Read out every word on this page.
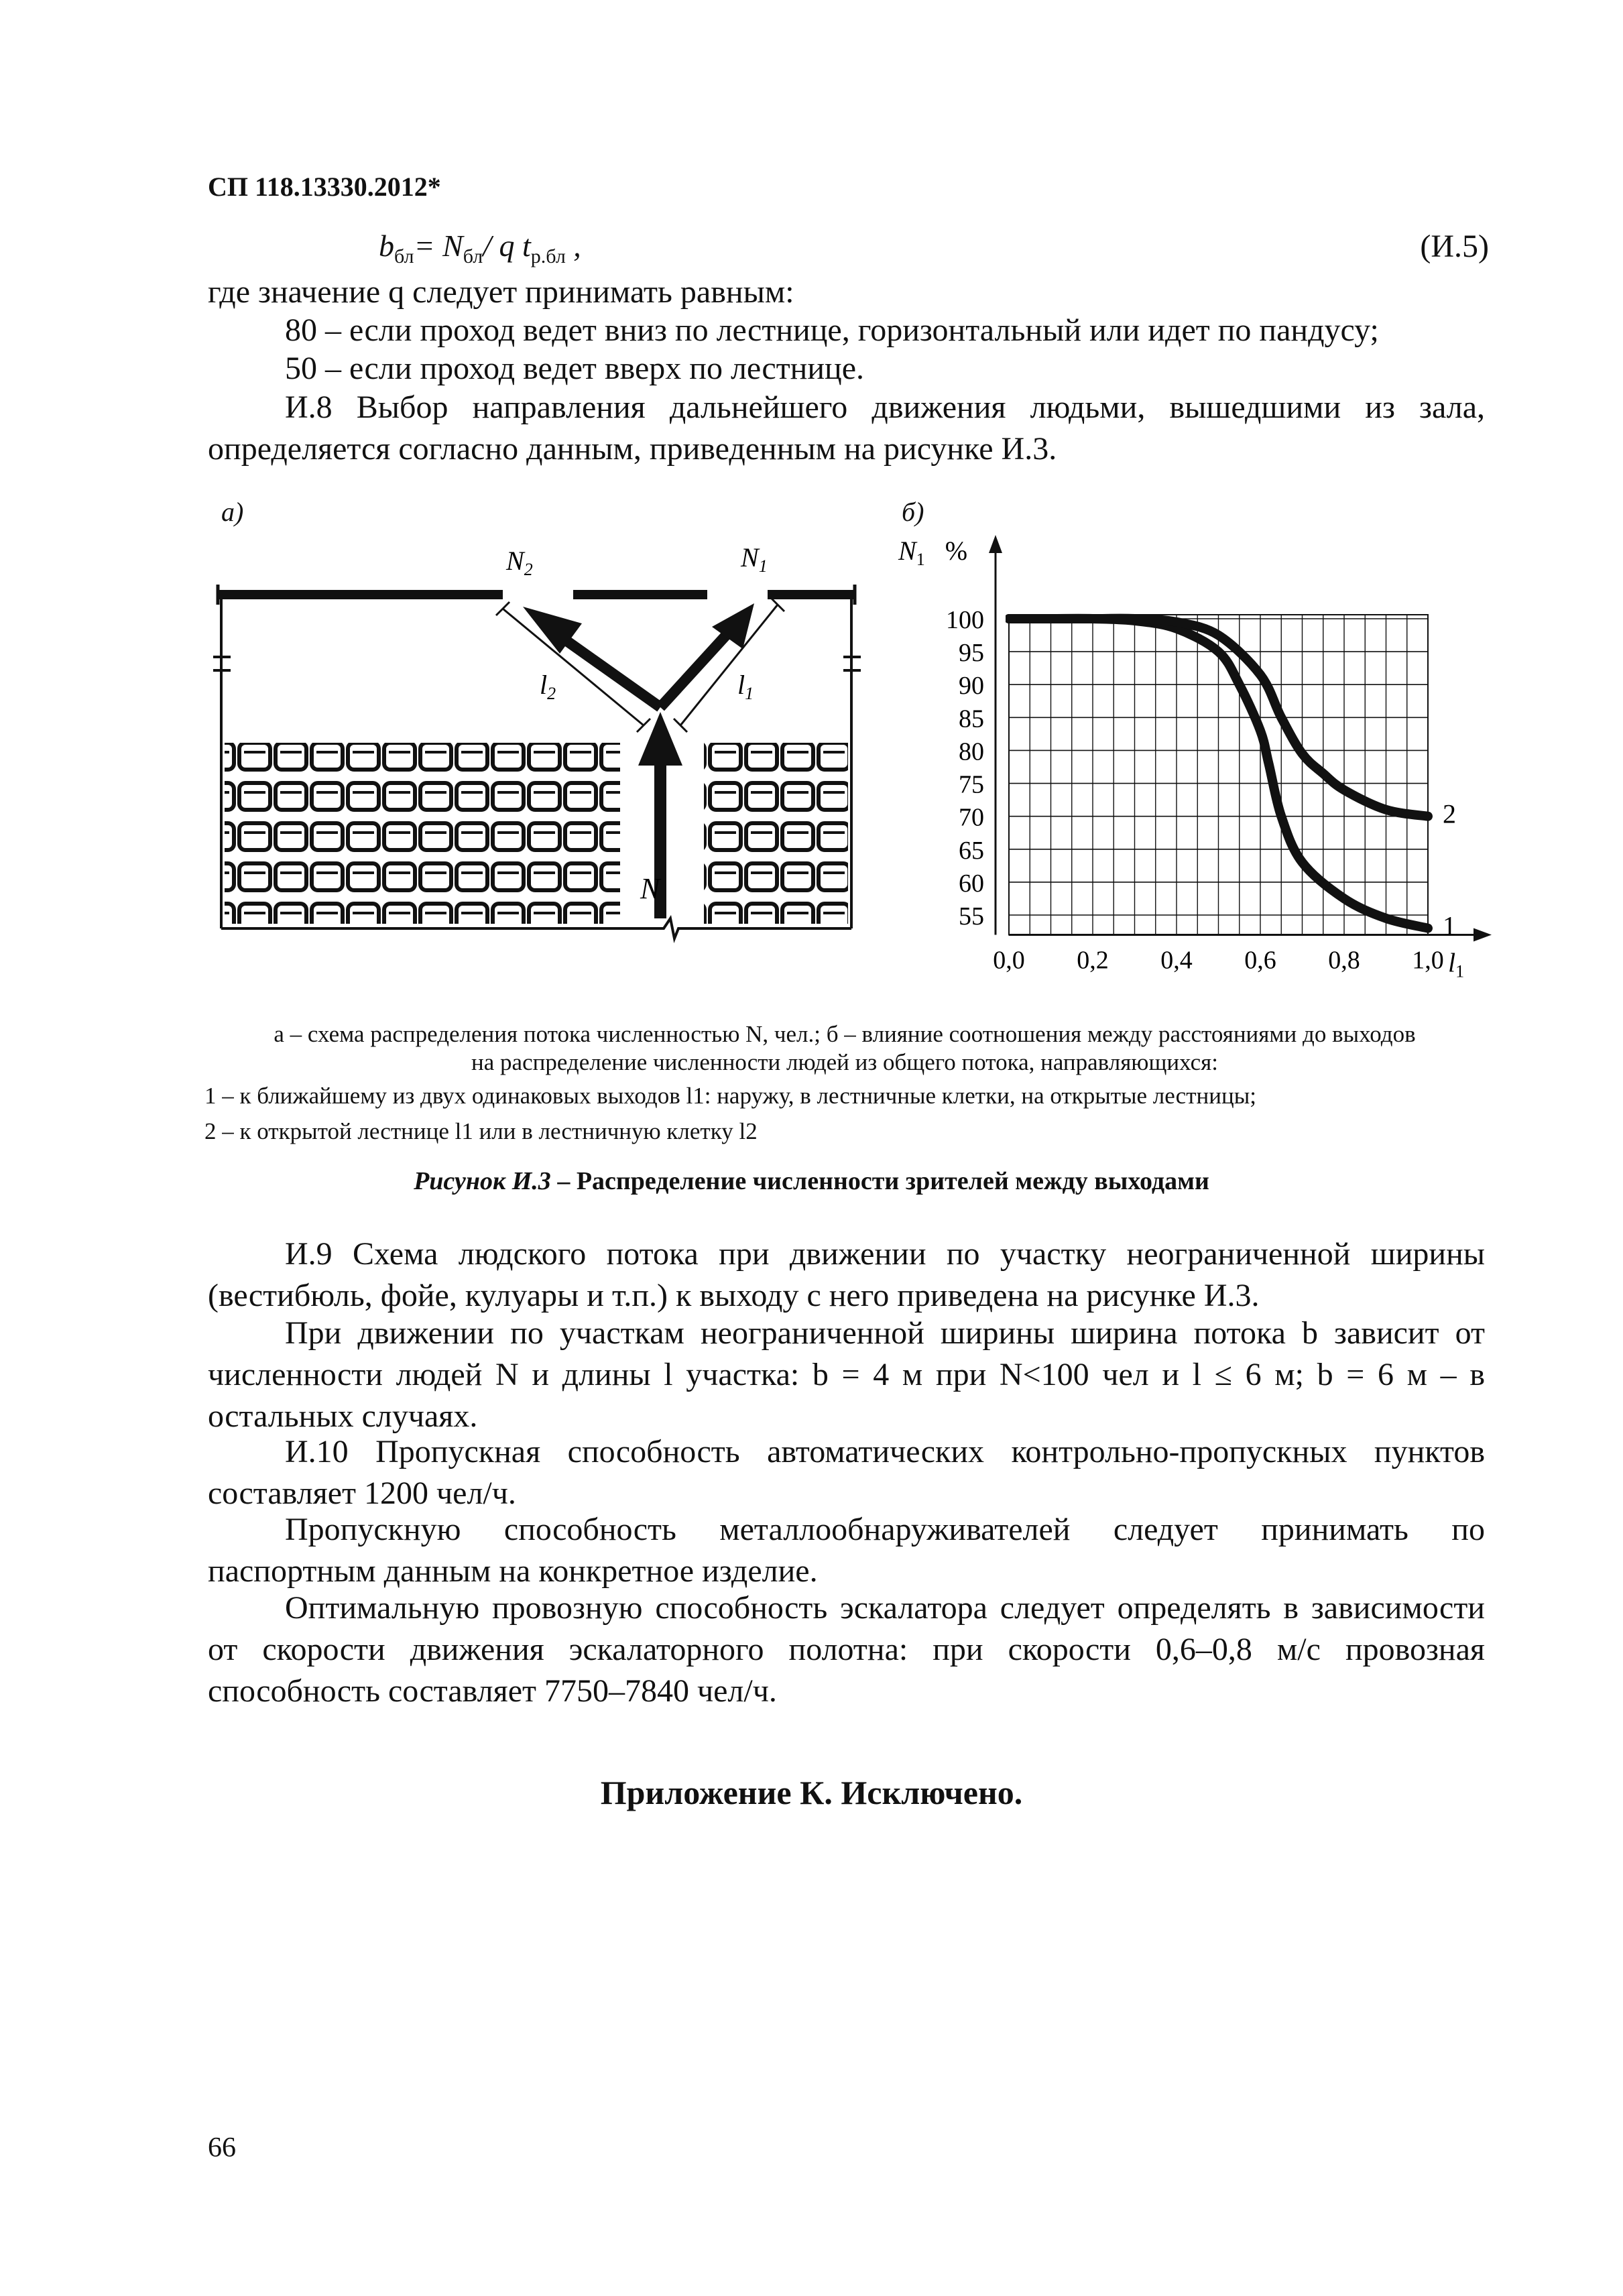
СП 118.13330.2012*
$b_{бл}= N_{бл}/$ q $t_{р.бл}$ ,	(И.5)
где значение q следует принимать равным:
80 – если проход ведет вниз по лестнице, горизонтальный или идет по пандусу;
50 – если проход ведет вверх по лестнице.
И.8 Выбор направления дальнейшего движения людьми, вышедшими из зала, определяется согласно данным, приведенным на рисунке И.3.
а)	б)
$N_2$	$N_1$
$l_2$	$l_1$
N
100
95
90
85
80
75
70
65
60
55
0,0 0,2 0,4 0,6 0,8 1,0
$N_1$ %
$l_1$
1
2
а – схема распределения потока численностью N, чел.; б – влияние соотношения между расстояниями до выходов
на распределение численности людей из общего потока, направляющихся:
1 – к ближайшему из двух одинаковых выходов l1: наружу, в лестничные клетки, на открытые лестницы;
2 – к открытой лестнице l1 или в лестничную клетку l2
Рисунок И.3 – Распределение численности зрителей между выходами
И.9 Схема людского потока при движении по участку неограниченной ширины (вестибюль, фойе, кулуары и т.п.) к выходу с него приведена на рисунке И.3.
При движении по участкам неограниченной ширины ширина потока b зависит от численности людей N и длины l участка: b = 4 м при N<100 чел и l ≤ 6 м; b = 6 м – в остальных случаях.
И.10 Пропускная способность автоматических контрольно-пропускных пунктов составляет 1200 чел/ч.
Пропускную способность металлообнаруживателей следует принимать по паспортным данным на конкретное изделие.
Оптимальную провозную способность эскалатора следует определять в зависимости от скорости движения эскалаторного полотна: при скорости 0,6–0,8 м/с провозная способность составляет 7750–7840 чел/ч.
Приложение К. Исключено.
66
